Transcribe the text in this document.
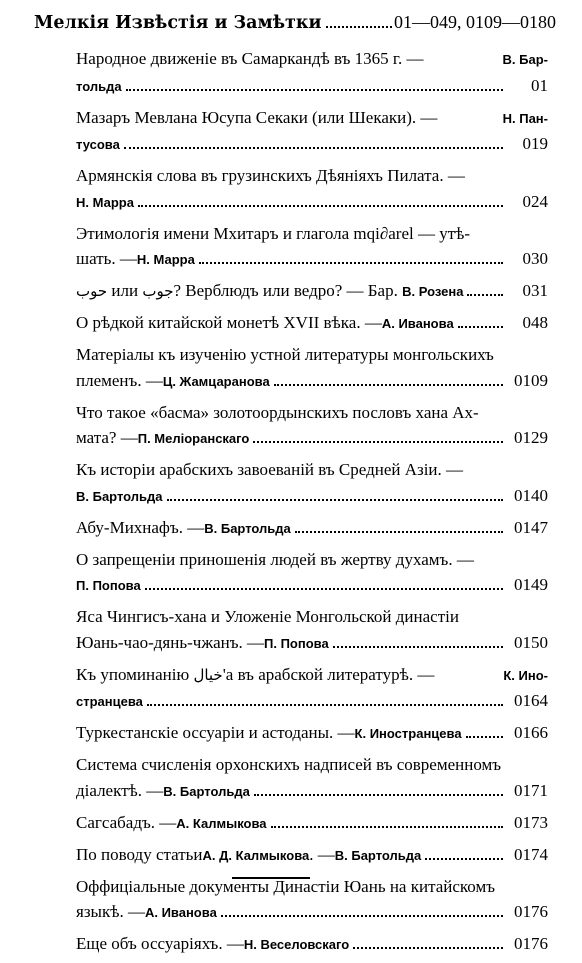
Мелкія Извѣстія и Замѣтки	01—049, 0109—0180
Народное движеніе въ Самаркандѣ въ 1365 г. —	В. Бар-
тольда	01
Мазаръ Мевлана Юсупа Секаки (или Шекаки). —	Н. Пан-
тусова	019
Армянскія слова въ грузинскихъ Дѣяніяхъ Пилата. —
Н. Марра	024
Этимологія имени Мхитаръ и глагола mqi∂arel — утѣ-
шать. — Н. Марра	030
حوب или جوب ? Верблюдъ или ведро? — Бар. В. Розена	031
О рѣдкой китайской монетѣ XVII вѣка. — А. Иванова	048
Матеріалы къ изученію устной литературы монгольскихъ
племенъ. — Ц. Жамцаранова	0109
Что такое «басма» золотоордынскихъ пословъ хана Ах-
мата? — П. Меліоранскаго	0129
Къ исторіи арабскихъ завоеваній въ Средней Азіи. —
В. Бартольда	0140
Абу-Михнафъ. — В. Бартольда	0147
О запрещеніи приношенія людей въ жертву духамъ. —
П. Попова	0149
Яса Чингисъ-хана и Уложеніе Монгольской династіи
Юань-чао-дянь-чжанъ. — П. Попова	0150
Къ упоминанію خيال'а въ арабской литературѣ. —	К. Ино-
странцева	0164
Туркестанскіе оссуаріи и астоданы. — К. Иностранцева	0166
Система счисленія орхонскихъ надписей въ современномъ
діалектѣ. — В. Бартольда	0171
Сагсабадъ. — А. Калмыкова	0173
По поводу статьи А. Д. Калмыкова . — В. Бартольда	0174
Оффиціальные документы Династіи Юань на китайскомъ
языкѣ. — А. Иванова	0176
Еще объ оссуаріяхъ. — Н. Веселовскаго	0176
